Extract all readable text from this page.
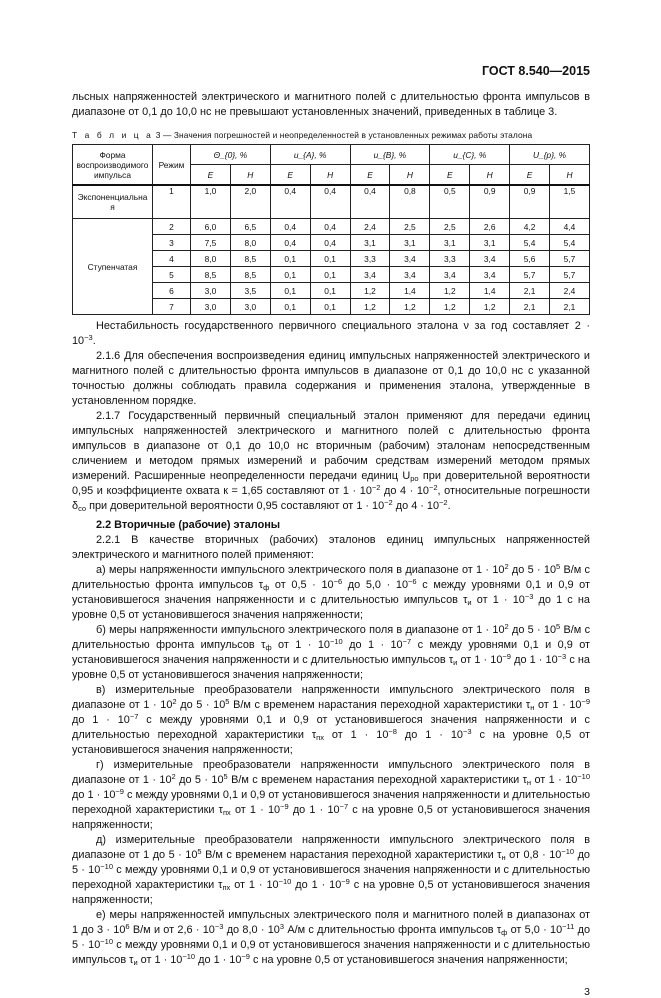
ГОСТ 8.540—2015

льсных напряженностей электрического и магнитного полей с длительностью фронта импульсов в диапазоне от 0,1 до 10,0 нс не превышают установленных значений, приведенных в таблице 3.

Т а б л и ц а 3 — Значения погрешностей и неопределенностей в установленных режимах работы эталона
Форма воспроизводимого импульса	Режим	Θ_{0}, %		u_{A}, %		u_{B}, %		u_{C}, %		U_{p}, %	
		E	H	E	H	E	H	E	H	E	H
Экспоненциальная	1	1,0	2,0	0,4	0,4	0,4	0,8	0,5	0,9	0,9	1,5
Ступенчатая	2	6,0	6,5	0,4	0,4	2,4	2,5	2,5	2,6	4,2	4,4
	3	7,5	8,0	0,4	0,4	3,1	3,1	3,1	3,1	5,4	5,4
	4	8,0	8,5	0,1	0,1	3,3	3,4	3,3	3,4	5,6	5,7
	5	8,5	8,5	0,1	0,1	3,4	3,4	3,4	3,4	5,7	5,7
	6	3,0	3,5	0,1	0,1	1,2	1,4	1,2	1,4	2,1	2,4
	7	3,0	3,0	0,1	0,1	1,2	1,2	1,2	1,2	2,1	2,1

Нестабильность государственного первичного специального эталона ν за год составляет $2 \cdot 10^{-3}$.

2.1.6 Для обеспечения воспроизведения единиц импульсных напряженностей электрического и магнитного полей с длительностью фронта импульсов в диапазоне от 0,1 до 10,0 нс с указанной точностью должны соблюдать правила содержания и применения эталона, утвержденные в установленном порядке.

2.1.7 Государственный первичный специальный эталон применяют для передачи единиц импульсных напряженностей электрического и магнитного полей с длительностью фронта импульсов в диапазоне от 0,1 до 10,0 нс вторичным (рабочим) эталонам непосредственным сличением и методом прямых измерений и рабочим средствам измерений методом прямых измерений. Расширенные неопределенности передачи единиц $U_{ро}$ при доверительной вероятности 0,95 и коэффициенте охвата к = 1,65 составляют от $1 \cdot 10^{-2}$ до $4 \cdot 10^{-2}$, относительные погрешности $\delta_{со}$ при доверительной вероятности 0,95 составляют от $1 \cdot 10^{-2}$ до $4 \cdot 10^{-2}$.

2.2 Вторичные (рабочие) эталоны

2.2.1 В качестве вторичных (рабочих) эталонов единиц импульсных напряженностей электрического и магнитного полей применяют:

а) меры напряженности импульсного электрического поля в диапазоне от $1 \cdot 10^2$ до $5 \cdot 10^5$ В/м с длительностью фронта импульсов $\tau_ф$ от $0,5 \cdot 10^{-6}$ до $5,0 \cdot 10^{-6}$ с между уровнями 0,1 и 0,9 от установившегося значения напряженности и с длительностью импульсов $\tau_и$ от $1 \cdot 10^{-3}$ до 1 с на уровне 0,5 от установившегося значения напряженности;

б) меры напряженности импульсного электрического поля в диапазоне от $1 \cdot 10^2$ до $5 \cdot 10^5$ В/м с длительностью фронта импульсов $\tau_ф$ от $1 \cdot 10^{-10}$ до $1 \cdot 10^{-7}$ с между уровнями 0,1 и 0,9 от установившегося значения напряженности и с длительностью импульсов $\tau_и$ от $1 \cdot 10^{-9}$ до $1 \cdot 10^{-3}$ с на уровне 0,5 от установившегося значения напряженности;

в) измерительные преобразователи напряженности импульсного электрического поля в диапазоне от $1 \cdot 10^2$ до $5 \cdot 10^5$ В/м с временем нарастания переходной характеристики $\tau_н$ от $1 \cdot 10^{-9}$ до $1 \cdot 10^{-7}$ с между уровнями 0,1 и 0,9 от установившегося значения напряженности и с длительностью переходной характеристики $\tau_{пх}$ от $1 \cdot 10^{-8}$ до $1 \cdot 10^{-3}$ с на уровне 0,5 от установившегося значения напряженности;

г) измерительные преобразователи напряженности импульсного электрического поля в диапазоне от $1 \cdot 10^2$ до $5 \cdot 10^5$ В/м с временем нарастания переходной характеристики $\tau_н$ от $1 \cdot 10^{-10}$ до $1 \cdot 10^{-9}$ с между уровнями 0,1 и 0,9 от установившегося значения напряженности и длительностью переходной характеристики $\tau_{пх}$ от $1 \cdot 10^{-9}$ до $1 \cdot 10^{-7}$ с на уровне 0,5 от установившегося значения напряженности;

д) измерительные преобразователи напряженности импульсного электрического поля в диапазоне от 1 до $5 \cdot 10^5$ В/м с временем нарастания переходной характеристики $\tau_н$ от $0,8 \cdot 10^{-10}$ до $5 \cdot 10^{-10}$ с между уровнями 0,1 и 0,9 от установившегося значения напряженности и с длительностью переходной характеристики $\tau_{пх}$ от $1 \cdot 10^{-10}$ до $1 \cdot 10^{-9}$ с на уровне 0,5 от установившегося значения напряженности;

е) меры напряженностей импульсных электрического поля и магнитного полей в диапазонах от 1 до $3 \cdot 10^6$ В/м и от $2,6 \cdot 10^{-3}$ до $8,0 \cdot 10^3$ А/м с длительностью фронта импульсов $\tau_ф$ от $5,0 \cdot 10^{-11}$ до $5 \cdot 10^{-10}$ с между уровнями 0,1 и 0,9 от установившегося значения напряженности и с длительностью импульсов $\tau_и$ от $1 \cdot 10^{-10}$ до $1 \cdot 10^{-9}$ с на уровне 0,5 от установившегося значения напряженности;

3
